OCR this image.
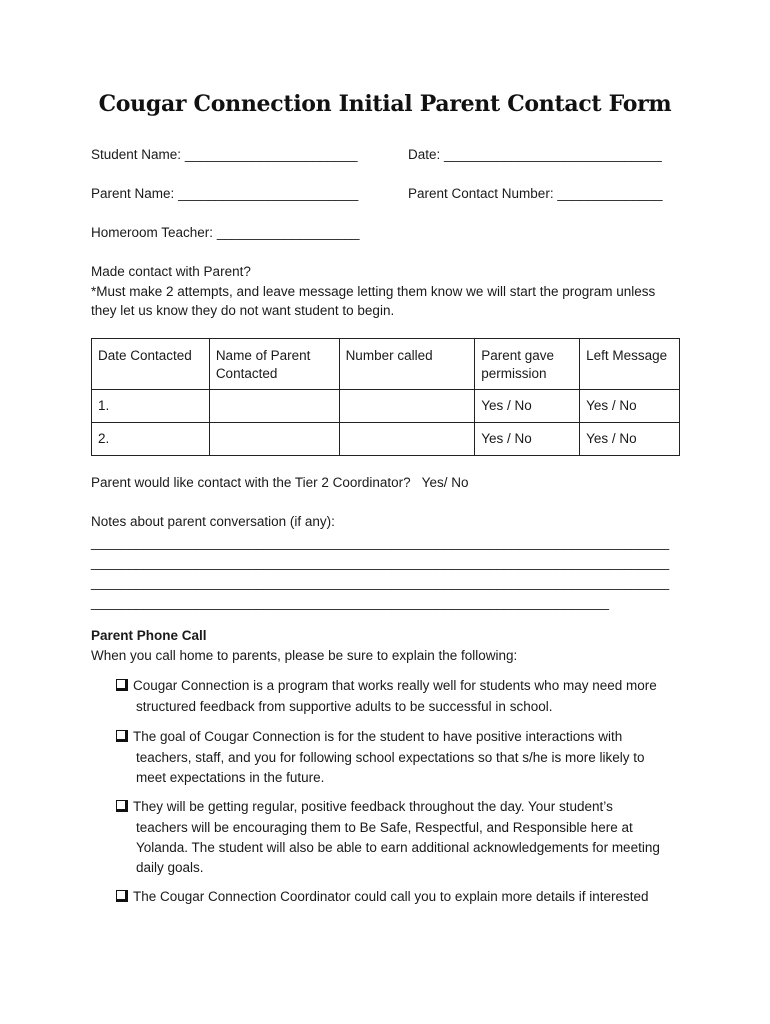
Cougar Connection Initial Parent Contact Form
Student Name: _______________________	Date: _____________________________
Parent Name: ________________________	Parent Contact Number: ______________
Homeroom Teacher: ___________________
Made contact with Parent?
*Must make 2 attempts, and leave message letting them know we will start the program unless
they let us know they do not want student to begin.
Date Contacted	Name of Parent Contacted	Number called	Parent gave permission	Left Message
1.			Yes / No	Yes / No
2.			Yes / No	Yes / No
Parent would like contact with the Tier 2 Coordinator?   Yes/ No
Notes about parent conversation (if any):
_____________________________________________________________________________
_____________________________________________________________________________
_____________________________________________________________________________
_____________________________________________________________________
Parent Phone Call
When you call home to parents, please be sure to explain the following:
Cougar Connection is a program that works really well for students who may need more
structured feedback from supportive adults to be successful in school.
The goal of Cougar Connection is for the student to have positive interactions with
teachers, staff, and you for following school expectations so that s/he is more likely to
meet expectations in the future.
They will be getting regular, positive feedback throughout the day. Your student’s
teachers will be encouraging them to Be Safe, Respectful, and Responsible here at
Yolanda. The student will also be able to earn additional acknowledgements for meeting
daily goals.
The Cougar Connection Coordinator could call you to explain more details if interested
